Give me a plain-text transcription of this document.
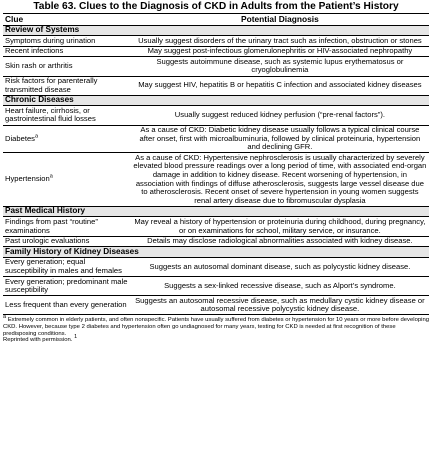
Table 63. Clues to the Diagnosis of CKD in Adults from the Patient’s History
Clue	Potential Diagnosis
Review of Systems	
Symptoms during urination	Usually suggest disorders of the urinary tract such as infection, obstruction or stones
Recent infections	May suggest post-infectious glomerulonephritis or HIV-associated nephropathy
Skin rash or arthritis	Suggests autoimmune disease, such as systemic lupus erythematosus or cryoglobulinemia
Risk factors for parenterally transmitted disease	May suggest HIV, hepatitis B or hepatitis C infection and associated kidney diseases
Chronic Diseases	
Heart failure, cirrhosis, or gastrointestinal fluid losses	Usually suggest reduced kidney perfusion (“pre-renal factors”).
Diabetes$^a$	As a cause of CKD: Diabetic kidney disease usually follows a typical clinical course after onset, first with microalbuminuria, followed by clinical proteinuria, hypertension and declining GFR.
Hypertension$^a$	As a cause of CKD: Hypertensive nephrosclerosis is usually characterized by severely elevated blood pressure readings over a long period of time, with associated end-organ damage in addition to kidney disease. Recent worsening of hypertension, in association with findings of diffuse atherosclerosis, suggests large vessel disease due to atherosclerosis. Recent onset of severe hypertension in young women suggests renal artery disease due to fibromuscular dysplasia
Past Medical History	
Findings from past “routine” examinations	May reveal a history of hypertension or proteinuria during childhood, during pregnancy, or on examinations for school, military service, or insurance.
Past urologic evaluations	Details may disclose radiological abnormalities associated with kidney disease.
Family History of Kidney Diseases	
Every generation; equal susceptibility in males and females	Suggests an autosomal dominant disease, such as polycystic kidney disease.
Every generation; predominant male susceptibility	Suggests a sex-linked recessive disease, such as Alport’s syndrome.
Less frequent than every generation	Suggests an autosomal recessive disease, such as medullary cystic kidney disease or autosomal recessive polycystic kidney disease.
$^a$ Extremely common in elderly patients, and often nonspecific. Patients have usually suffered from diabetes or hypertension for 10 years or more before developing CKD. However, because type 2 diabetes and hypertension often go undiagnosed for many years, testing for CKD is needed at first recognition of these predisposing conditions.
Reprinted with permission. $^1$
